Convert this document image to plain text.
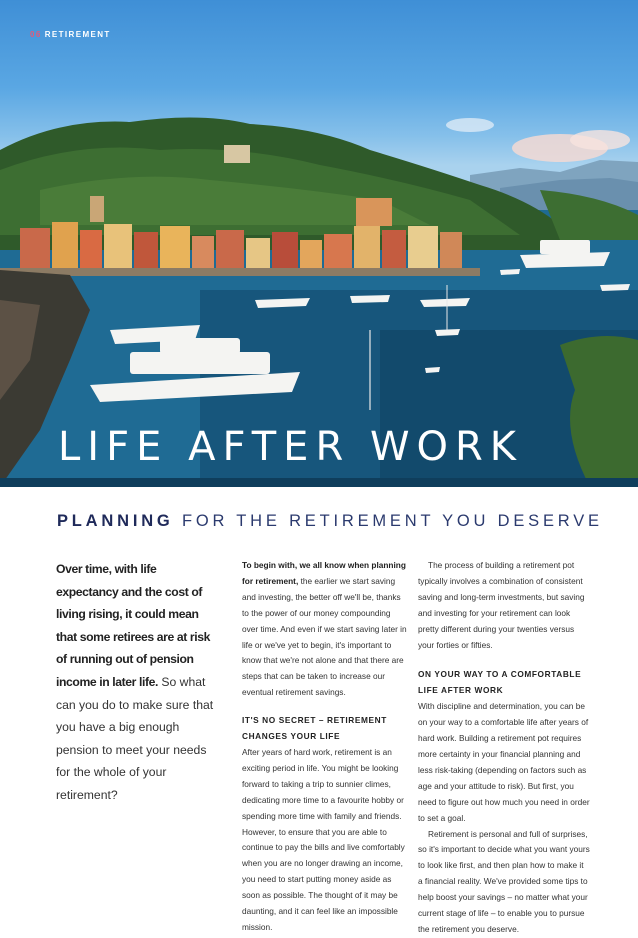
06 RETIREMENT
LIFE AFTER WORK
PLANNING FOR THE RETIREMENT YOU DESERVE

Over time, with life expectancy and the cost of living rising, it could mean that some retirees are at risk of running out of pension income in later life. So what can you do to make sure that you have a big enough pension to meet your needs for the whole of your retirement?

To begin with, we all know when planning for retirement, the earlier we start saving and investing, the better off we'll be, thanks to the power of our money compounding over time. And even if we start saving later in life or we've yet to begin, it's important to know that we're not alone and that there are steps that can be taken to increase our eventual retirement savings.

IT'S NO SECRET – RETIREMENT CHANGES YOUR LIFE

After years of hard work, retirement is an exciting period in life. You might be looking forward to taking a trip to sunnier climes, dedicating more time to a favourite hobby or spending more time with family and friends. However, to ensure that you are able to continue to pay the bills and live comfortably when you are no longer drawing an income, you need to start putting money aside as soon as possible. The thought of it may be daunting, and it can feel like an impossible mission.

The process of building a retirement pot typically involves a combination of consistent saving and long-term investments, but saving and investing for your retirement can look pretty different during your twenties versus your forties or fifties.

ON YOUR WAY TO A COMFORTABLE LIFE AFTER WORK

With discipline and determination, you can be on your way to a comfortable life after years of hard work. Building a retirement pot requires more certainty in your financial planning and less risk-taking (depending on factors such as age and your attitude to risk). But first, you need to figure out how much you need in order to set a goal.

Retirement is personal and full of surprises, so it's important to decide what you want yours to look like first, and then plan how to make it a financial reality. We've provided some tips to help boost your savings – no matter what your current stage of life – to enable you to pursue the retirement you deserve.
